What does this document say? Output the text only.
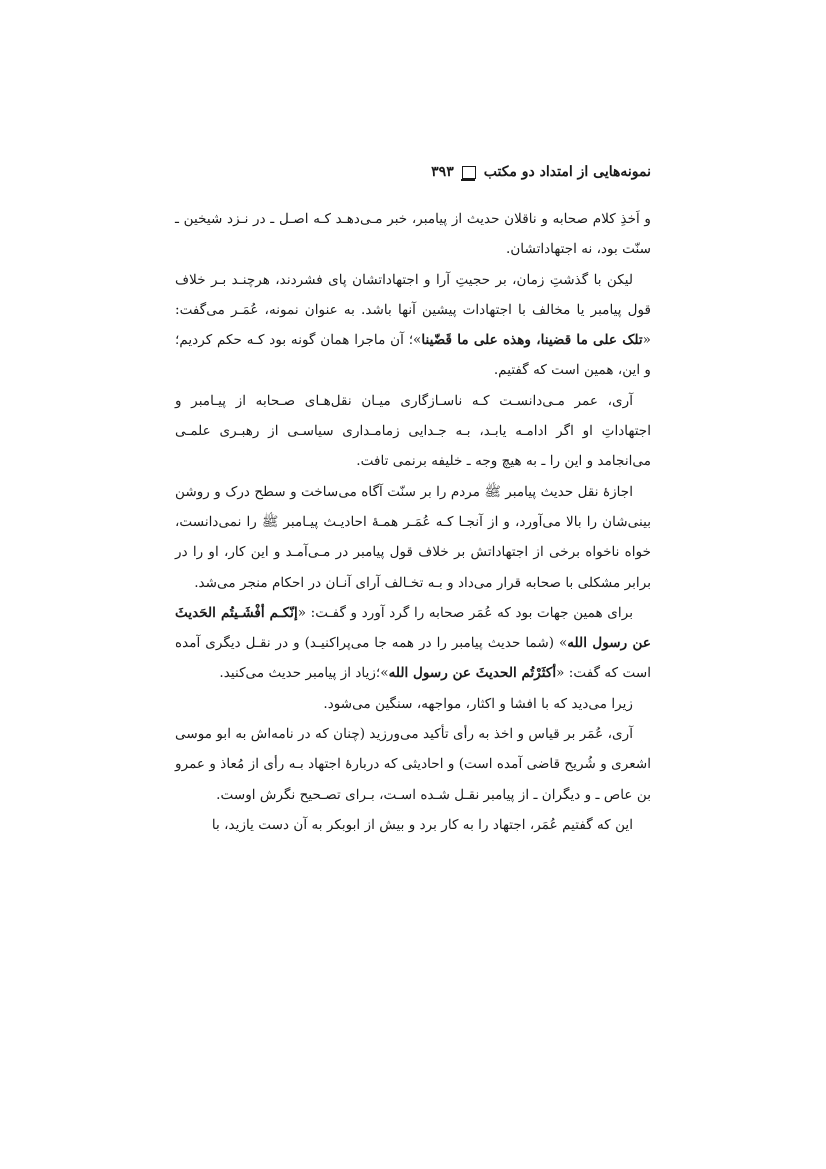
نمونه‌هایی از امتداد دو مکتب
۳۹۳

و اَخذِ کلام صحابه و ناقلان حدیث از پیامبر، خبر مـی‌دهـد کـه اصـل ـ در نـزد شیخین ـ سنّت بود، نه اجتهاداتشان.

لیکن با گذشتِ زمان، بر حجیتِ آرا و اجتهاداتشان پای فشردند، هرچنـد بـر خلاف قول پیامبر یا مخالف با اجتهادات پیشین آنها باشد. به عنوان نمونه، عُمَـر می‌گفت: «تلک علی ما قضینا، وهذه علی ما قَضّینا»؛ آن ماجرا همان گونه بود کـه حکم کردیم؛ و این، همین است که گفتیم.

آری، عمر مـی‌دانسـت کـه ناسـازگاری میـان نقل‌هـای صـحابه از پیـامبر و اجتهاداتِ او اگر ادامـه یابـد، بـه جـدایی زمامـداری سیاسـی از رهبـری علمـی می‌انجامد و این را ـ به هیچ وجه ـ خلیفه برنمی تافت.

اجازهٔ نقل حدیث پیامبر ﷺ مردم را بر سنّت آگاه می‌ساخت و سطح درک و روشن بینی‌شان را بالا می‌آورد، و از آنجـا کـه عُمَـر همـهٔ احادیـث پیـامبر ﷺ را نمی‌دانست، خواه ناخواه برخی از اجتهاداتش بر خلاف قول پیامبر در مـی‌آمـد و این کار، او را در برابر مشکلی با صحابه قرار می‌داد و بـه تخـالف آرای آنـان در احکام منجر می‌شد.

برای همین جهات بود که عُمَر صحابه را گرد آورد و گفـت: «إنّکـم أفْشَـیتُم الحَدیثَ عن رسول الله» (شما حدیث پیامبر را در همه جا می‌پراکنیـد) و در نقـل دیگری آمده است که گفت: «أکثَرْتُم الحدیثَ عن رسول الله»؛زیاد از پیامبر حدیث می‌کنید.

زیرا می‌دید که با افشا و اکثار، مواجهه، سنگین می‌شود.

آری، عُمَر بر قیاس و اخذ به رأی تأکید می‌ورزید (چنان که در نامه‌اش به ابو موسی اشعری و شُریح قاضی آمده است) و احادیثی که دربارهٔ اجتهاد بـه رأی از مُعاذ و عمرو بن عاص ـ و دیگران ـ از پیامبر نقـل شـده اسـت، بـرای تصـحیح نگرش اوست.

این که گفتیم عُمَر، اجتهاد را به کار برد و بیش از ابوبکر به آن دست یازید، با
